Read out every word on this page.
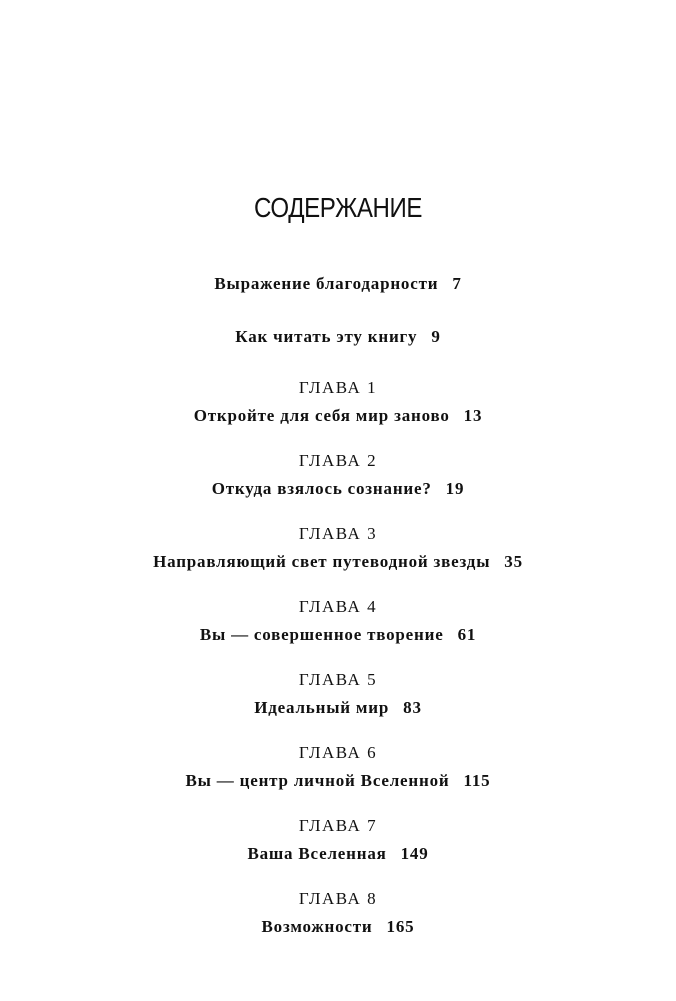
СОДЕРЖАНИЕ
Выражение благодарности 7
Как читать эту книгу 9
ГЛАВА 1
Откройте для себя мир заново 13
ГЛАВА 2
Откуда взялось сознание? 19
ГЛАВА 3
Направляющий свет путеводной звезды 35
ГЛАВА 4
Вы — совершенное творение 61
ГЛАВА 5
Идеальный мир 83
ГЛАВА 6
Вы — центр личной Вселенной 115
ГЛАВА 7
Ваша Вселенная 149
ГЛАВА 8
Возможности 165
